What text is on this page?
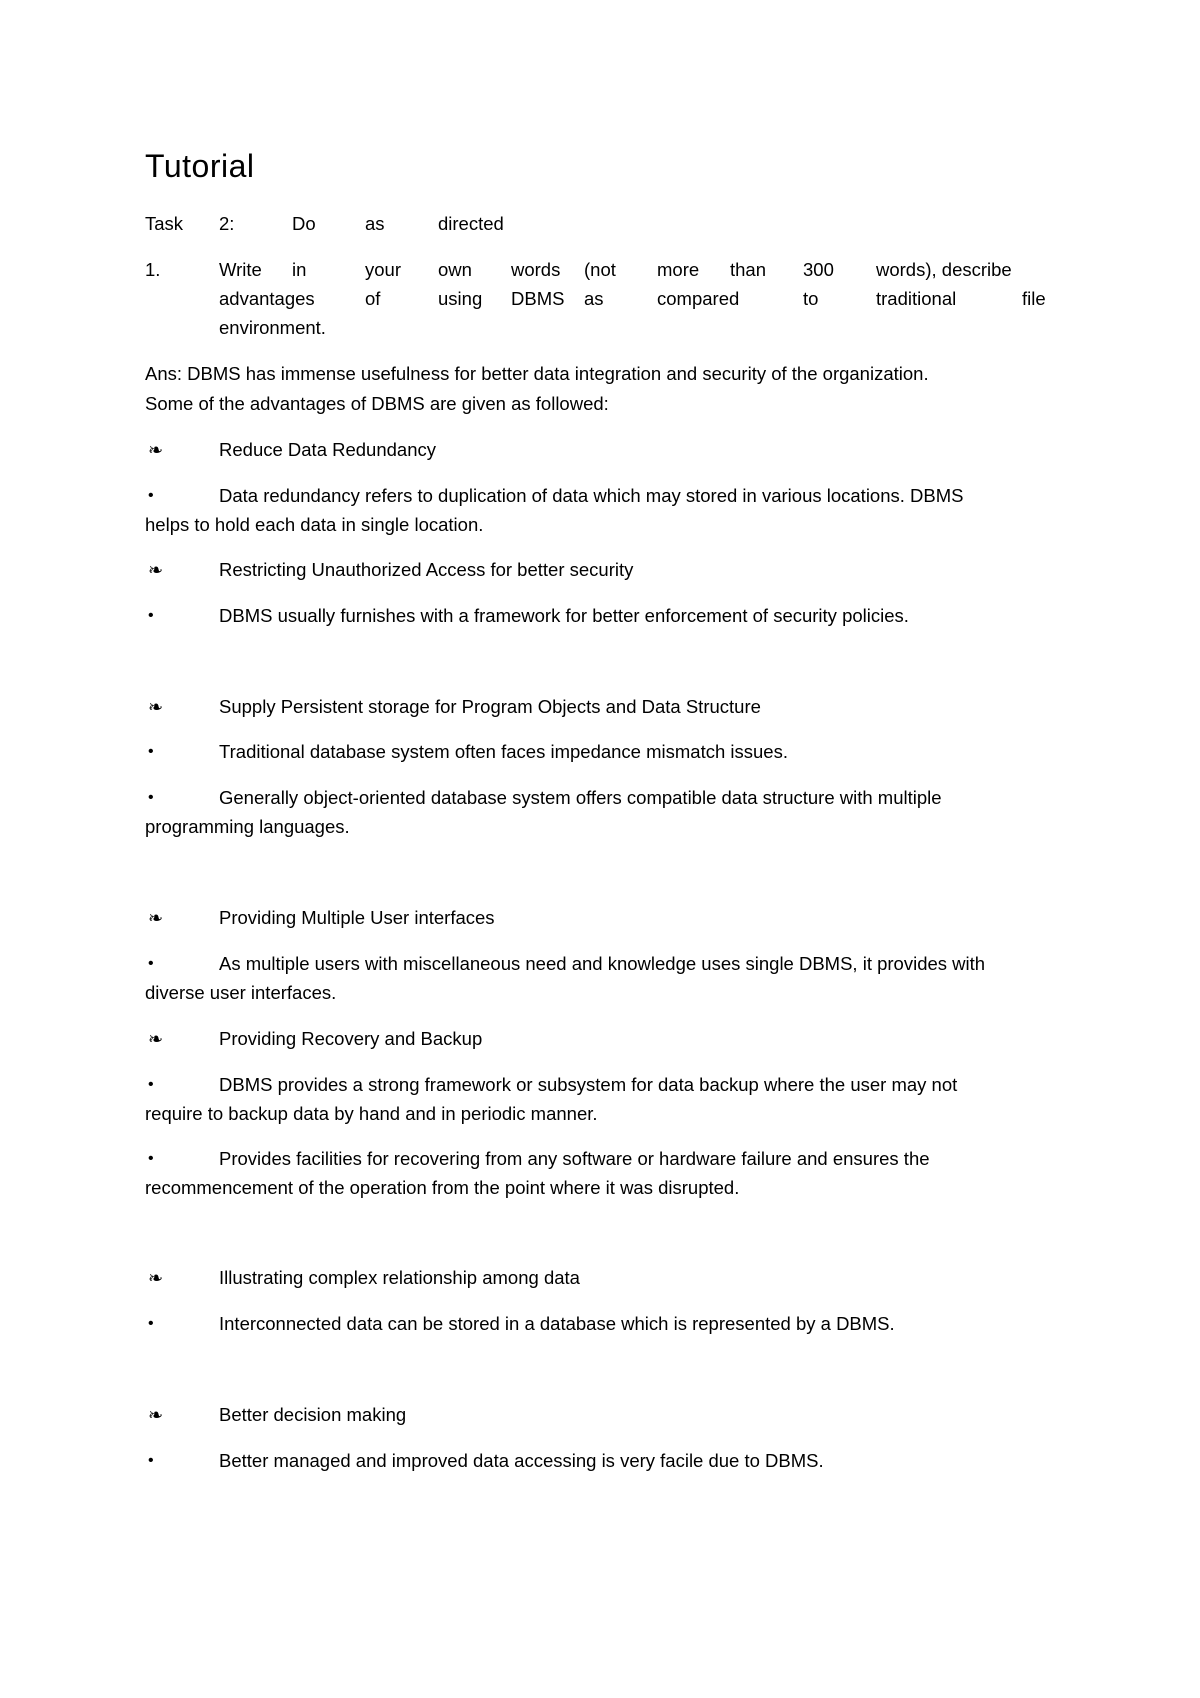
Tutorial
Task 2:	Do	as	directed
1.	Write in	your own words (not more than 300 words), describe
advantages	of	using DBMS as	compared	to	traditional	file
environment.
Ans: DBMS has immense usefulness for better data integration and security of the organization.
Some of the advantages of DBMS are given as followed:
❧	Reduce Data Redundancy
•	Data redundancy refers to duplication of data which may stored in various locations. DBMS
helps to hold each data in single location.
❧	Restricting Unauthorized Access for better security
•	DBMS usually furnishes with a framework for better enforcement of security policies.
❧	Supply Persistent storage for Program Objects and Data Structure
•	Traditional database system often faces impedance mismatch issues.
•	Generally object-oriented database system offers compatible data structure with multiple
programming languages.
❧	Providing Multiple User interfaces
•	As multiple users with miscellaneous need and knowledge uses single DBMS, it provides with
diverse user interfaces.
❧	Providing Recovery and Backup
•	DBMS provides a strong framework or subsystem for data backup where the user may not
require to backup data by hand and in periodic manner.
•	Provides facilities for recovering from any software or hardware failure and ensures the
recommencement of the operation from the point where it was disrupted.
❧	Illustrating complex relationship among data
•	Interconnected data can be stored in a database which is represented by a DBMS.
❧	Better decision making
•	Better managed and improved data accessing is very facile due to DBMS.
